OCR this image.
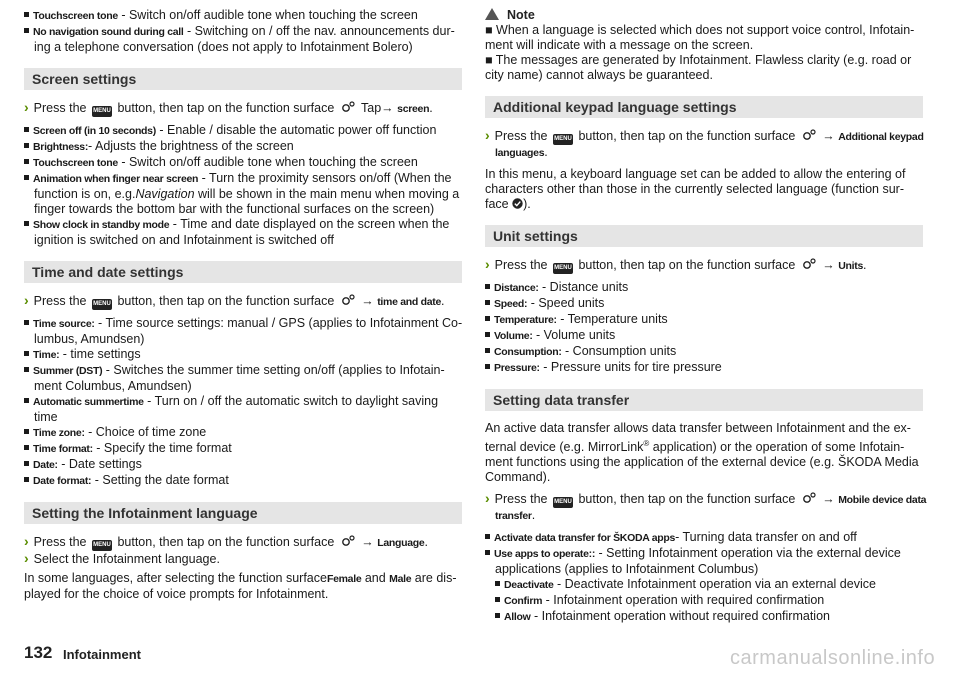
Touchscreen tone - Switch on/off audible tone when touching the screen
No navigation sound during call - Switching on / off the nav. announcements dur-
ing a telephone conversation (does not apply to Infotainment Bolero)
Screen settings
› Press the MENU button, then tap on the function surface Tap→ screen.
Screen off (in 10 seconds) - Enable / disable the automatic power off function
Brightness:- Adjusts the brightness of the screen
Touchscreen tone - Switch on/off audible tone when touching the screen
Animation when finger near screen - Turn the proximity sensors on/off (When the
function is on, e.g.Navigation will be shown in the main menu when moving a
finger towards the bottom bar with the functional surfaces on the screen)
Show clock in standby mode - Time and date displayed on the screen when the
ignition is switched on and Infotainment is switched off
Time and date settings
› Press the MENU button, then tap on the function surface → time and date.
Time source: - Time source settings: manual / GPS (applies to Infotainment Co-
lumbus, Amundsen)
Time: - time settings
Summer (DST) - Switches the summer time setting on/off (applies to Infotain-
ment Columbus, Amundsen)
Automatic summertime - Turn on / off the automatic switch to daylight saving
time
Time zone: - Choice of time zone
Time format: - Specify the time format
Date: - Date settings
Date format: - Setting the date format
Setting the Infotainment language
› Press the MENU button, then tap on the function surface → Language.
› Select the Infotainment language.
In some languages, after selecting the function surfaceFemale and Male are dis-
played for the choice of voice prompts for Infotainment.
Note
■ When a language is selected which does not support voice control, Infotain-
ment will indicate with a message on the screen.
■ The messages are generated by Infotainment. Flawless clarity (e.g. road or
city name) cannot always be guaranteed.
Additional keypad language settings
› Press the MENU button, then tap on the function surface → Additional keypad
languages.
In this menu, a keyboard language set can be added to allow the entering of
characters other than those in the currently selected language (function sur-
face ).
Unit settings
› Press the MENU button, then tap on the function surface → Units.
Distance: - Distance units
Speed: - Speed units
Temperature: - Temperature units
Volume: - Volume units
Consumption: - Consumption units
Pressure: - Pressure units for tire pressure
Setting data transfer
An active data transfer allows data transfer between Infotainment and the ex-
ternal device (e.g. MirrorLink® application) or the operation of some Infotain-
ment functions using the application of the external device (e.g. ŠKODA Media
Command).
› Press the MENU button, then tap on the function surface → Mobile device data
transfer.
Activate data transfer for ŠKODA apps- Turning data transfer on and off
Use apps to operate:: - Setting Infotainment operation via the external device
applications (applies to Infotainment Columbus)
Deactivate - Deactivate Infotainment operation via an external device
Confirm - Infotainment operation with required confirmation
Allow - Infotainment operation without required confirmation
132 Infotainment	carmanualsonline.info
